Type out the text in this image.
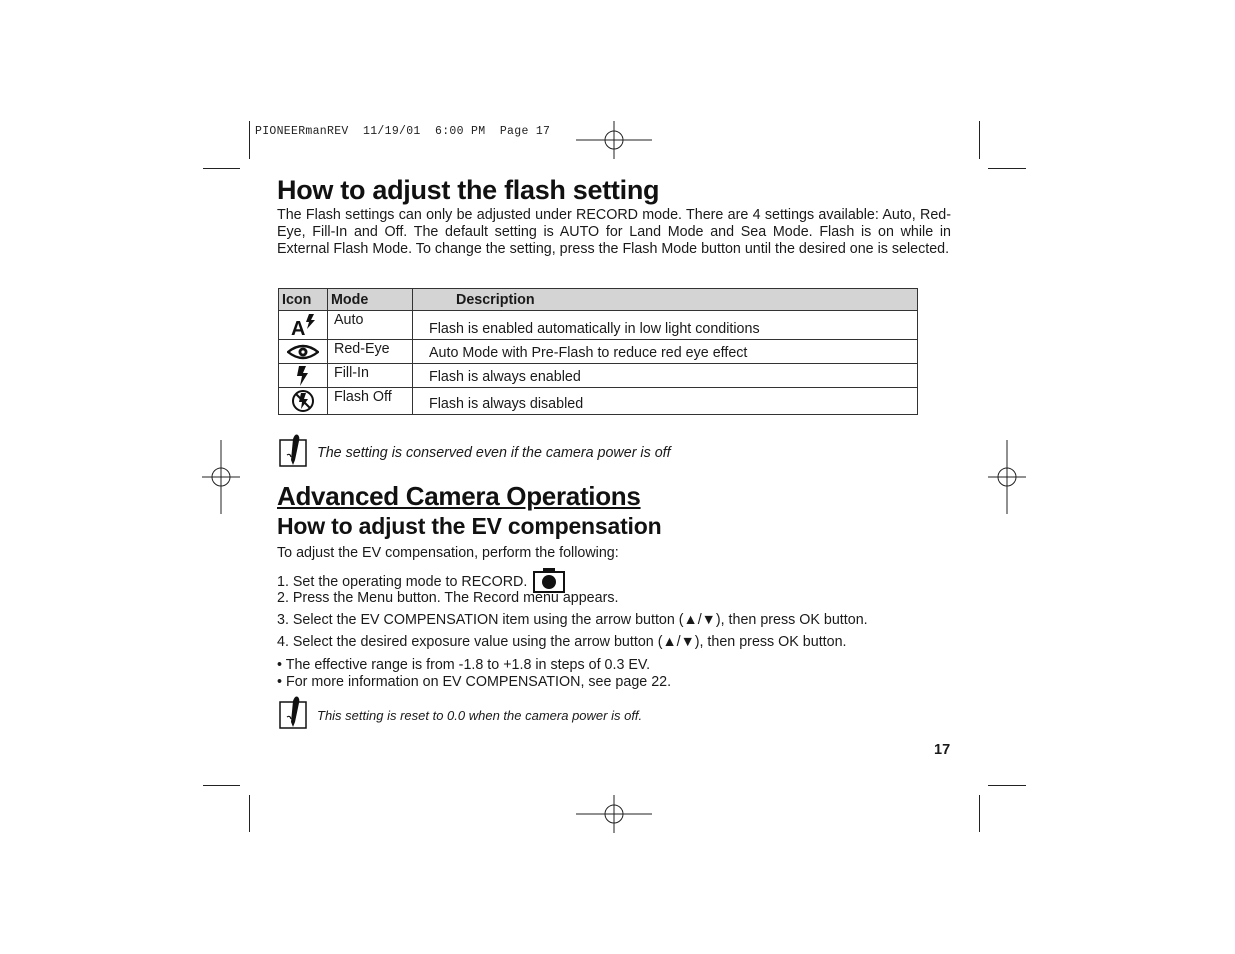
PIONEERmanREV  11/19/01  6:00 PM  Page 17
How to adjust the flash setting
The Flash settings can only be adjusted under RECORD mode. There are 4 settings available: Auto, Red-Eye, Fill-In and Off. The default setting is AUTO for Land Mode and Sea Mode. Flash is on while in External Flash Mode. To change the setting, press the Flash Mode button until the desired one is selected.
Icon	Mode	Description

A	Auto	Flash is enabled automatically in low light conditions

	Red-Eye	Auto Mode with Pre-Flash to reduce red eye effect

	Fill-In	Flash is always enabled

	Flash Off	Flash is always disabled
The setting is conserved even if the camera power is off
Advanced Camera Operations
How to adjust the EV compensation
To adjust the EV compensation, perform the following:
1. Set the operating mode to RECORD.
2. Press the Menu button. The Record menu appears.
3. Select the EV COMPENSATION item using the arrow button (▲/▼), then press OK button.
4. Select the desired exposure value using the arrow button (▲/▼), then press OK button.
• The effective range is from -1.8 to +1.8 in steps of 0.3 EV.
• For more information on EV COMPENSATION, see page 22.
This setting is reset to 0.0 when the camera power is off.
17
